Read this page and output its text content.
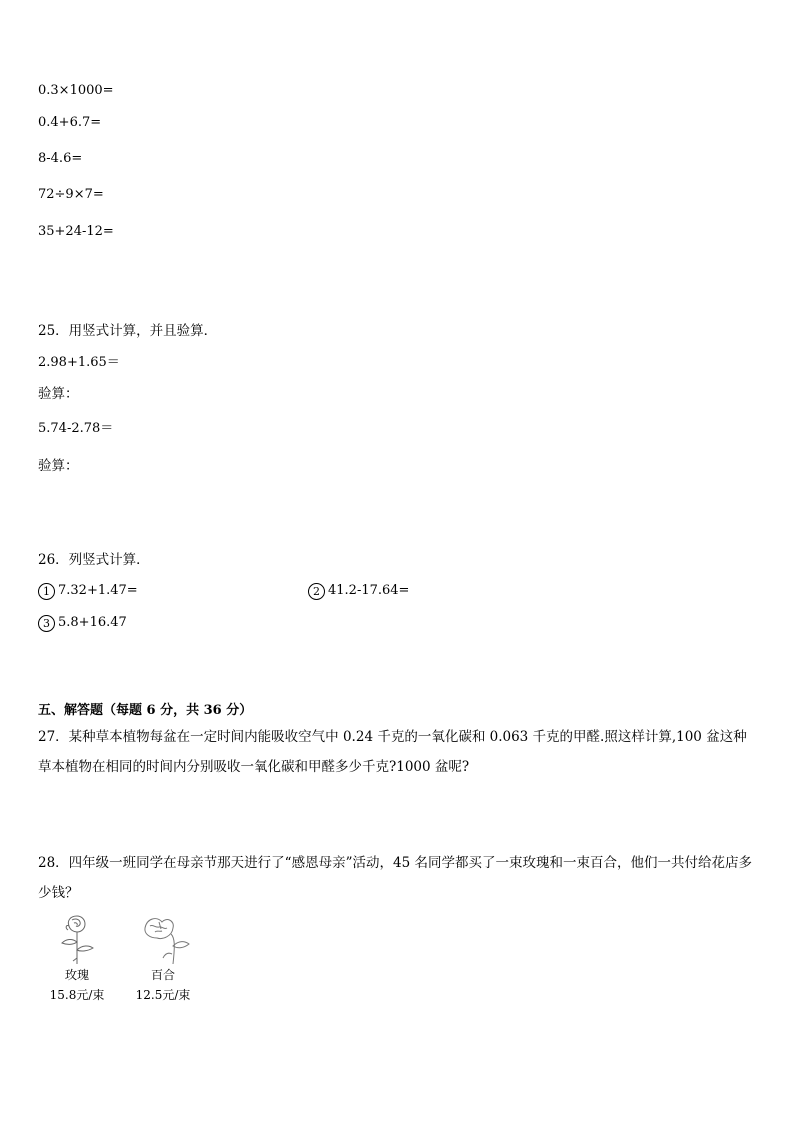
0.3×1000=
0.4+6.7=
8-4.6=
72÷9×7=
35+24-12=
25．用竖式计算，并且验算．
2.98+1.65＝
验算：
5.74-2.78＝
验算：
26．列竖式计算．
1 7.32+1.47=	2 41.2-17.64=
3 5.8+16.47
五、解答题（每题 6 分，共 36 分）
27．某种草本植物每盆在一定时间内能吸收空气中 0.24 千克的一氧化碳和 0.063 千克的甲醛.照这样计算,100 盆这种草本植物在相同的时间内分别吸收一氧化碳和甲醛多少千克?1000 盆呢?
28．四年级一班同学在母亲节那天进行了“感恩母亲”活动，45 名同学都买了一束玫瑰和一束百合，他们一共付给花店多少钱？
玫瑰
15.8元/束
百合
12.5元/束
